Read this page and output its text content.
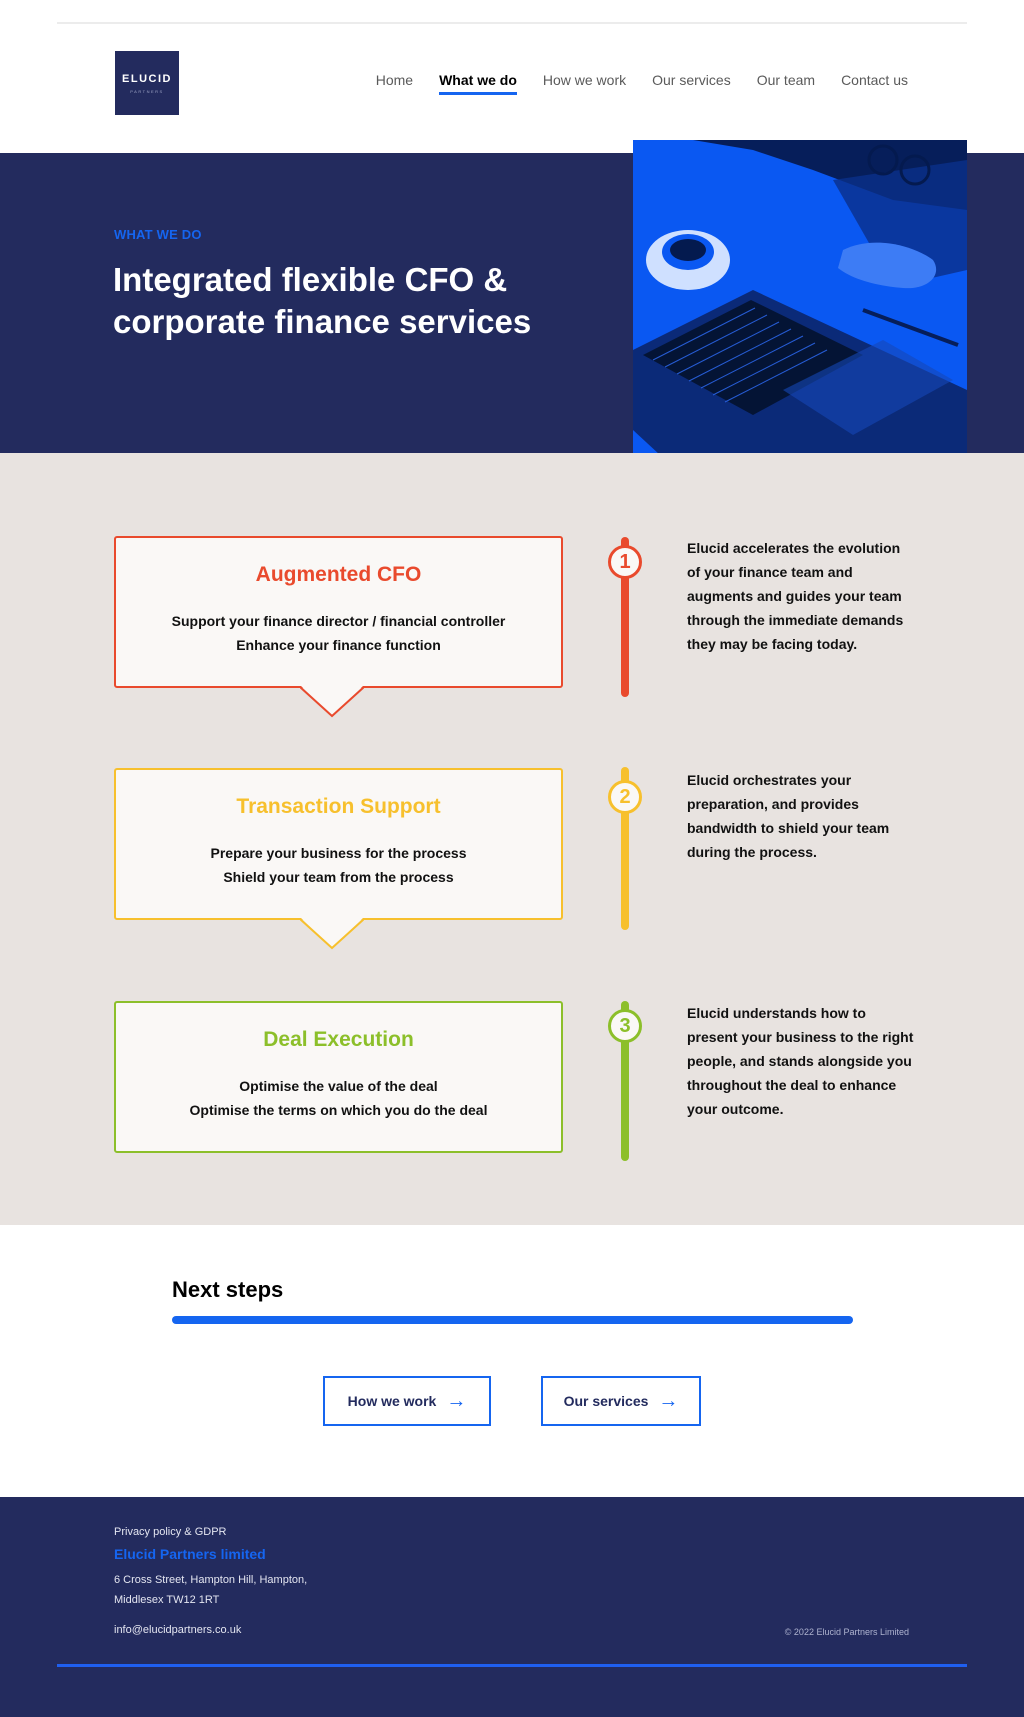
ELUCID
PARTNERS
Home What we do How we work Our services Our team Contact us
WHAT WE DO
Integrated flexible CFO & corporate finance services
Augmented CFO
Support your finance director / financial controller
Enhance your finance function
Transaction Support
Prepare your business for the process
Shield your team from the process
Deal Execution
Optimise the value of the deal
Optimise the terms on which you do the deal
1
2
3

Elucid accelerates the evolution of your finance team and augments and guides your team through the immediate demands they may be facing today.

Elucid orchestrates your preparation, and provides bandwidth to shield your team during the process.

Elucid understands how to present your business to the right people, and stands alongside you throughout the deal to enhance your outcome.

Next steps
How we work →	Our services →
Privacy policy & GDPR
Elucid Partners limited
6 Cross Street, Hampton Hill, Hampton,
Middlesex TW12 1RT
info@elucidpartners.co.uk	© 2022 Elucid Partners Limited
